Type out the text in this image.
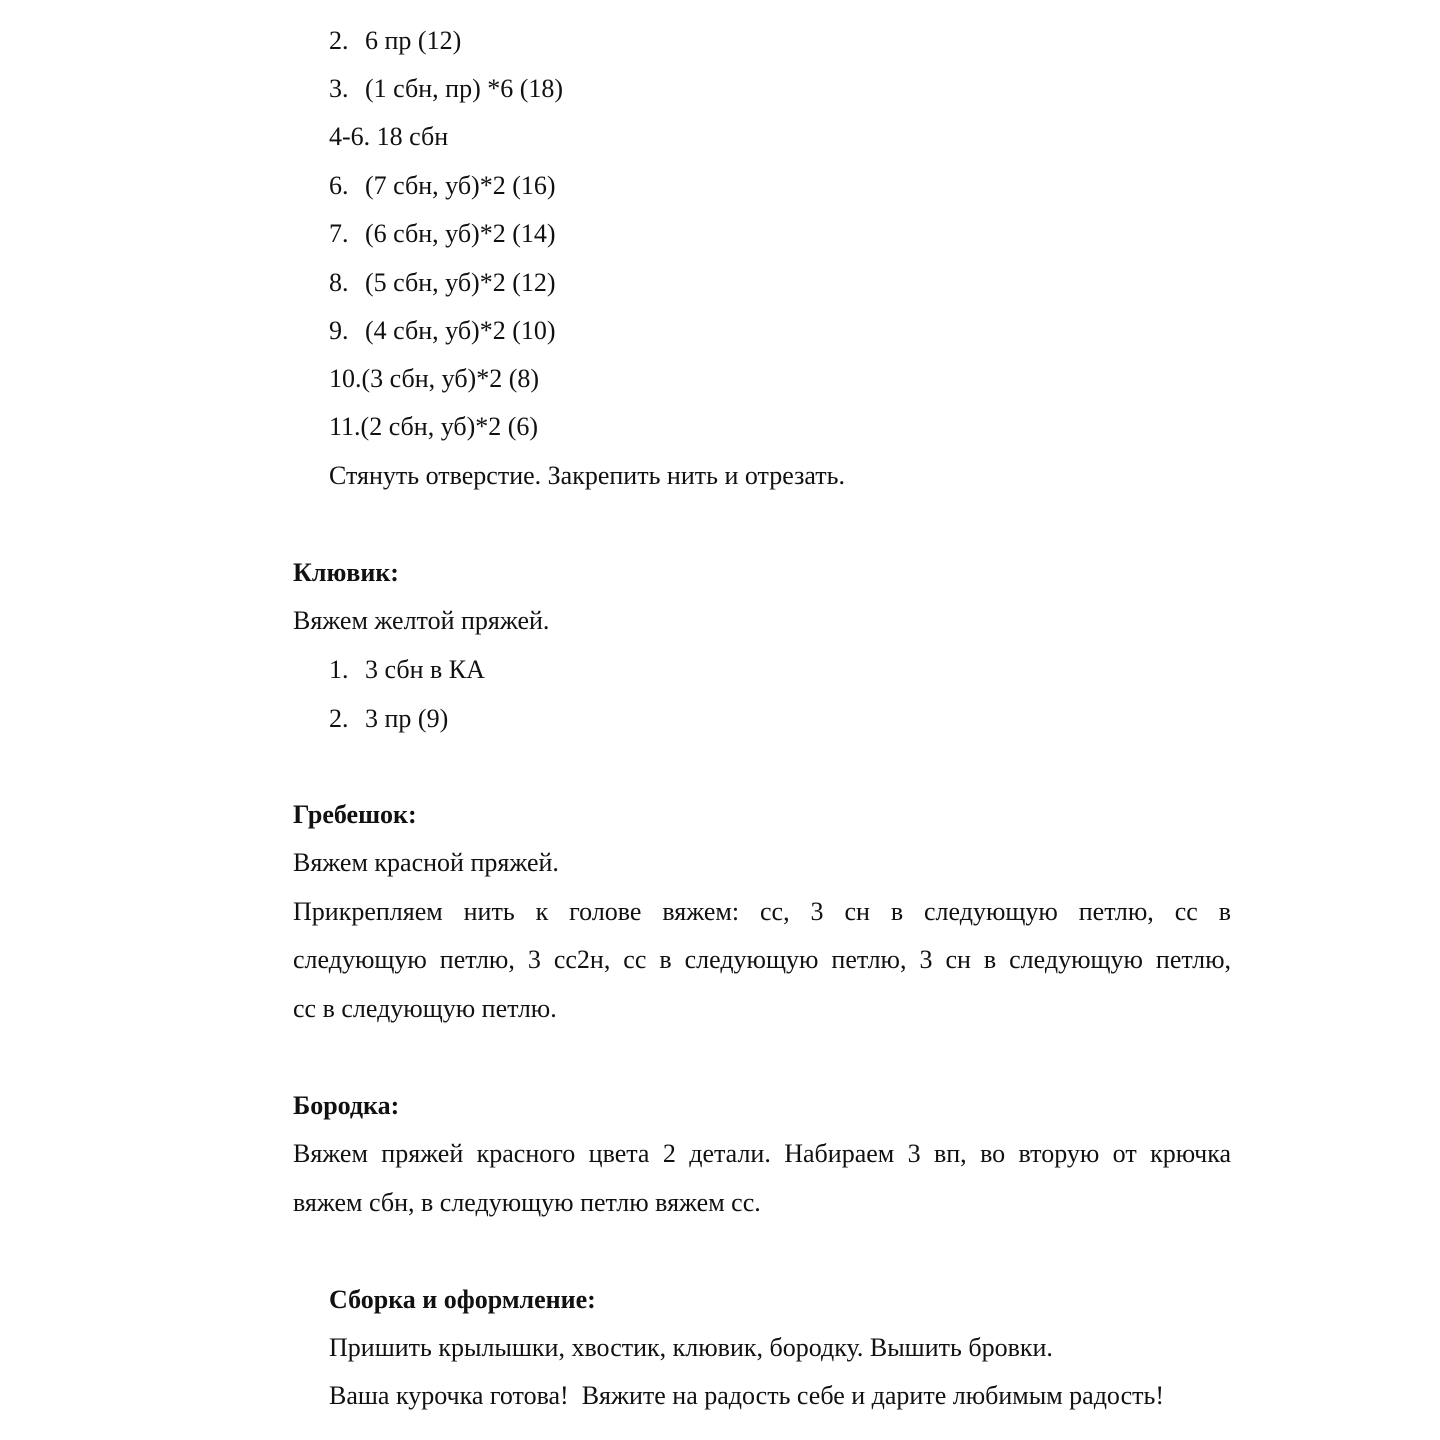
2. 6 пр (12)
3. (1 сбн, пр) *6 (18)
4-6. 18 сбн
6. (7 сбн, уб)*2 (16)
7. (6 сбн, уб)*2 (14)
8. (5 сбн, уб)*2 (12)
9. (4 сбн, уб)*2 (10)
10.(3 сбн, уб)*2 (8)
11.(2 сбн, уб)*2 (6)
Стянуть отверстие. Закрепить нить и отрезать.
Клювик:
Вяжем желтой пряжей.
1. 3 сбн в КА
2. 3 пр (9)
Гребешок:
Вяжем красной пряжей.
Прикрепляем нить к голове вяжем: сс, 3 сн в следующую петлю, сс в
следующую петлю, 3 сс2н, сс в следующую петлю, 3 сн в следующую петлю,
сс в следующую петлю.
Бородка:
Вяжем пряжей красного цвета 2 детали. Набираем 3 вп, во вторую от крючка
вяжем сбн, в следующую петлю вяжем сс.
Сборка и оформление:
Пришить крылышки, хвостик, клювик, бородку. Вышить бровки.
Ваша курочка готова!  Вяжите на радость себе и дарите любимым радость!
